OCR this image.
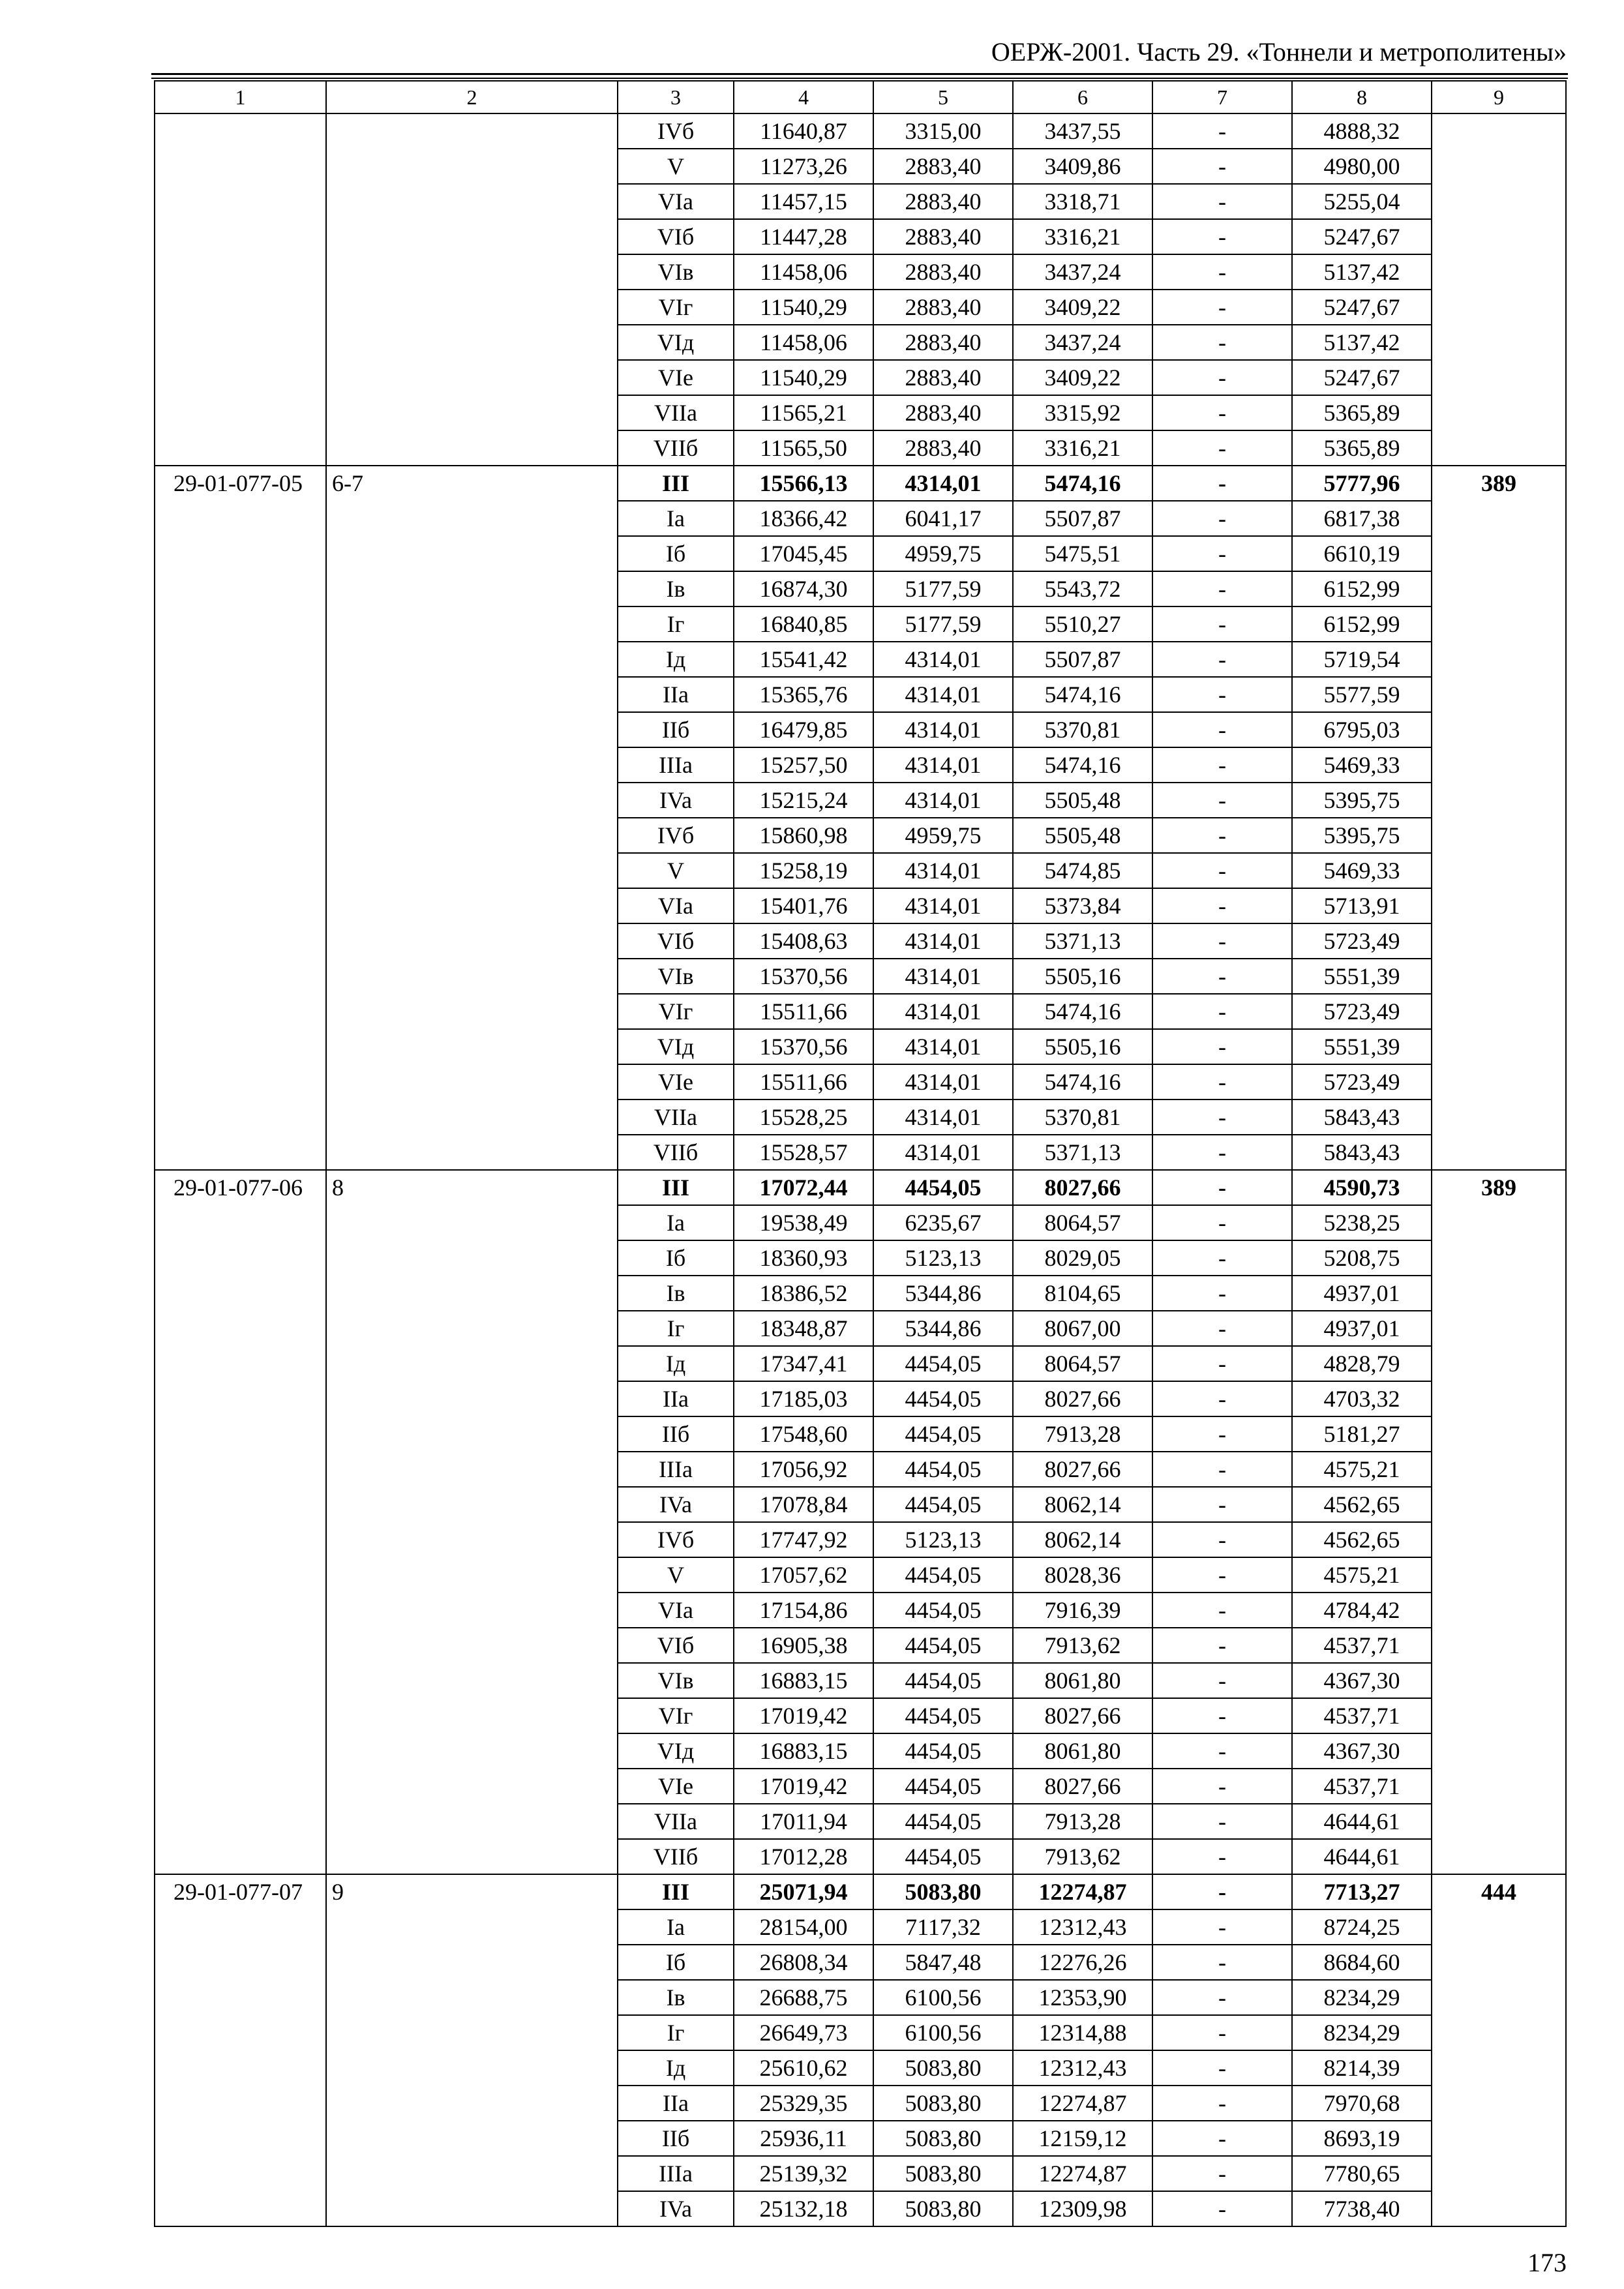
ОЕРЖ-2001. Часть 29. «Тоннели и метрополитены»
1	2	3	4	5	6	7	8	9
		IVб	11640,87	3315,00	3437,55	-	4888,32	
		V	11273,26	2883,40	3409,86	-	4980,00	
		VIa	11457,15	2883,40	3318,71	-	5255,04	
		VIб	11447,28	2883,40	3316,21	-	5247,67	
		VIв	11458,06	2883,40	3437,24	-	5137,42	
		VIг	11540,29	2883,40	3409,22	-	5247,67	
		VIд	11458,06	2883,40	3437,24	-	5137,42	
		VIe	11540,29	2883,40	3409,22	-	5247,67	
		VIIa	11565,21	2883,40	3315,92	-	5365,89	
		VIIб	11565,50	2883,40	3316,21	-	5365,89	
29-01-077-05	6-7	III	15566,13	4314,01	5474,16	-	5777,96	389
		Ia	18366,42	6041,17	5507,87	-	6817,38	
		Iб	17045,45	4959,75	5475,51	-	6610,19	
		Iв	16874,30	5177,59	5543,72	-	6152,99	
		Iг	16840,85	5177,59	5510,27	-	6152,99	
		Iд	15541,42	4314,01	5507,87	-	5719,54	
		IIa	15365,76	4314,01	5474,16	-	5577,59	
		IIб	16479,85	4314,01	5370,81	-	6795,03	
		IIIa	15257,50	4314,01	5474,16	-	5469,33	
		IVa	15215,24	4314,01	5505,48	-	5395,75	
		IVб	15860,98	4959,75	5505,48	-	5395,75	
		V	15258,19	4314,01	5474,85	-	5469,33	
		VIa	15401,76	4314,01	5373,84	-	5713,91	
		VIб	15408,63	4314,01	5371,13	-	5723,49	
		VIв	15370,56	4314,01	5505,16	-	5551,39	
		VIг	15511,66	4314,01	5474,16	-	5723,49	
		VIд	15370,56	4314,01	5505,16	-	5551,39	
		VIe	15511,66	4314,01	5474,16	-	5723,49	
		VIIa	15528,25	4314,01	5370,81	-	5843,43	
		VIIб	15528,57	4314,01	5371,13	-	5843,43	
29-01-077-06	8	III	17072,44	4454,05	8027,66	-	4590,73	389
		Ia	19538,49	6235,67	8064,57	-	5238,25	
		Iб	18360,93	5123,13	8029,05	-	5208,75	
		Iв	18386,52	5344,86	8104,65	-	4937,01	
		Iг	18348,87	5344,86	8067,00	-	4937,01	
		Iд	17347,41	4454,05	8064,57	-	4828,79	
		IIa	17185,03	4454,05	8027,66	-	4703,32	
		IIб	17548,60	4454,05	7913,28	-	5181,27	
		IIIa	17056,92	4454,05	8027,66	-	4575,21	
		IVa	17078,84	4454,05	8062,14	-	4562,65	
		IVб	17747,92	5123,13	8062,14	-	4562,65	
		V	17057,62	4454,05	8028,36	-	4575,21	
		VIa	17154,86	4454,05	7916,39	-	4784,42	
		VIб	16905,38	4454,05	7913,62	-	4537,71	
		VIв	16883,15	4454,05	8061,80	-	4367,30	
		VIг	17019,42	4454,05	8027,66	-	4537,71	
		VIд	16883,15	4454,05	8061,80	-	4367,30	
		VIe	17019,42	4454,05	8027,66	-	4537,71	
		VIIa	17011,94	4454,05	7913,28	-	4644,61	
		VIIб	17012,28	4454,05	7913,62	-	4644,61	
29-01-077-07	9	III	25071,94	5083,80	12274,87	-	7713,27	444
		Ia	28154,00	7117,32	12312,43	-	8724,25	
		Iб	26808,34	5847,48	12276,26	-	8684,60	
		Iв	26688,75	6100,56	12353,90	-	8234,29	
		Iг	26649,73	6100,56	12314,88	-	8234,29	
		Iд	25610,62	5083,80	12312,43	-	8214,39	
		IIa	25329,35	5083,80	12274,87	-	7970,68	
		IIб	25936,11	5083,80	12159,12	-	8693,19	
		IIIa	25139,32	5083,80	12274,87	-	7780,65	
		IVa	25132,18	5083,80	12309,98	-	7738,40	
173
